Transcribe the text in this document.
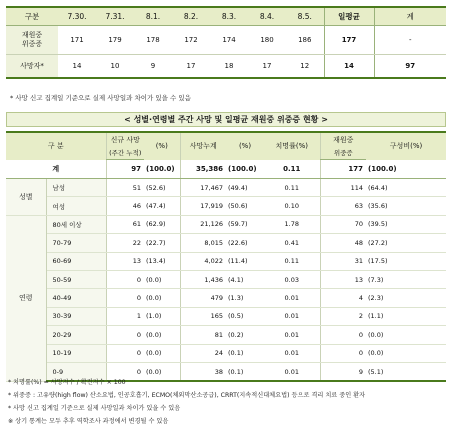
구분	7.30.	7.31.	8.1.	8.2.	8.3.	8.4.	8.5.	일평균	계

재원중
위중증	171	179	178	172	174	180	186	177	-
사망자*	14	10	9	17	18	17	12	14	97
* 사망 신고 집계일 기준으로 실제 사망일과 차이가 있을 수 있음
< 성별·연령별 주간 사망 및 일평균 재원중 위중증 현황 >
구 분		신규 사망	(%)	사망누계	(%)	치명률(%)	재원중	구성비(%)
		(주간 누적)					위중증	
계		97	(100.0)	35,386	(100.0)	0.11	177	(100.0)
성별	남성	51	(52.6)	17,467	(49.4)	0.11	114	(64.4)
	여성	46	(47.4)	17,919	(50.6)	0.10	63	(35.6)
연령	80세 이상	61	(62.9)	21,126	(59.7)	1.78	70	(39.5)
	70-79	22	(22.7)	8,015	(22.6)	0.41	48	(27.2)
	60-69	13	(13.4)	4,022	(11.4)	0.11	31	(17.5)
	50-59	0	(0.0)	1,436	(4.1)	0.03	13	(7.3)
	40-49	0	(0.0)	479	(1.3)	0.01	4	(2.3)
	30-39	1	(1.0)	165	(0.5)	0.01	2	(1.1)
	20-29	0	(0.0)	81	(0.2)	0.01	0	(0.0)
	10-19	0	(0.0)	24	(0.1)	0.01	0	(0.0)
	0-9	0	(0.0)	38	(0.1)	0.01	9	(5.1)
* 치명률(%) = 사망자수 / 확진자수 × 100
* 위중증 : 고유량(high flow) 산소요법, 인공호흡기, ECMO(체외막산소공급), CRRT(지속적신대체요법) 등으로 격리 치료 중인 환자
* 사망 신고 집계일 기준으로 실제 사망일과 차이가 있을 수 있음
※ 상기 통계는 모두 추후 역학조사 과정에서 변경될 수 있음
